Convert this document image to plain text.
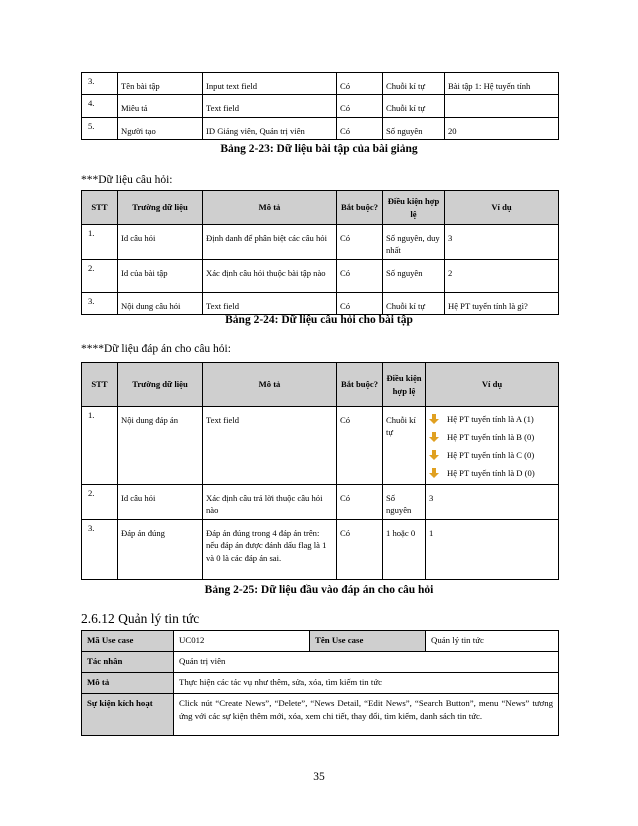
3.	Tên bài tập	Input text field	Có	Chuỗi kí tự	Bài tập 1: Hệ tuyến tính
4.	Miêu tả	Text field	Có	Chuỗi kí tự	
5.	Người tạo	ID Giảng viên, Quản trị viên	Có	Số nguyên	20
Bảng 2-23: Dữ liệu bài tập của bài giảng
***Dữ liệu câu hỏi:
STT	Trường dữ liệu	Mô tả	Bắt buộc?	Điều kiện hợp lệ	Ví dụ
1.	Id câu hỏi	Định danh để phân biệt các câu hỏi	Có	Số nguyên, duy nhất	3
2.	Id của bài tập	Xác định câu hỏi thuộc bài tập nào	Có	Số nguyên	2
3.	Nội dung câu hỏi	Text field	Có	Chuỗi kí tự	Hệ PT tuyến tính là gì?
Bảng 2-24: Dữ liệu câu hỏi cho bài tập
****Dữ liệu đáp án cho câu hỏi:
STT	Trường dữ liệu	Mô tả	Bắt buộc?	Điều kiện hợp lệ	Ví dụ
1.	Nội dung đáp án	Text field	Có	Chuỗi kí tự	Hệ PT tuyến tính là A (1)
Hệ PT tuyến tính là B (0)
Hệ PT tuyến tính là C (0)
Hệ PT tuyến tính là D (0)

2.	Id câu hỏi	Xác định câu trả lời thuộc câu hỏi nào	Có	Số nguyên	3
3.	Đáp án đúng	Đáp án đúng trong 4 đáp án trên: nếu đáp án được đánh dấu flag là 1 và 0 là các đáp án sai.	Có	1 hoặc 0	1
Bảng 2-25: Dữ liệu đầu vào đáp án cho câu hỏi
2.6.12 Quản lý tin tức
Mã Use case	UC012	Tên Use case	Quản lý tin tức
Tác nhân	Quản trị viên		
Mô tả	Thực hiện các tác vụ như thêm, sửa, xóa, tìm kiếm tin tức		
Sự kiện kích hoạt	Click nút “Create News”, “Delete”, “News Detail, “Edit News”, “Search Button”, menu “News” tương ứng với các sự kiện thêm mới, xóa, xem chi tiết, thay đổi, tìm kiếm, danh sách tin tức.		
35
